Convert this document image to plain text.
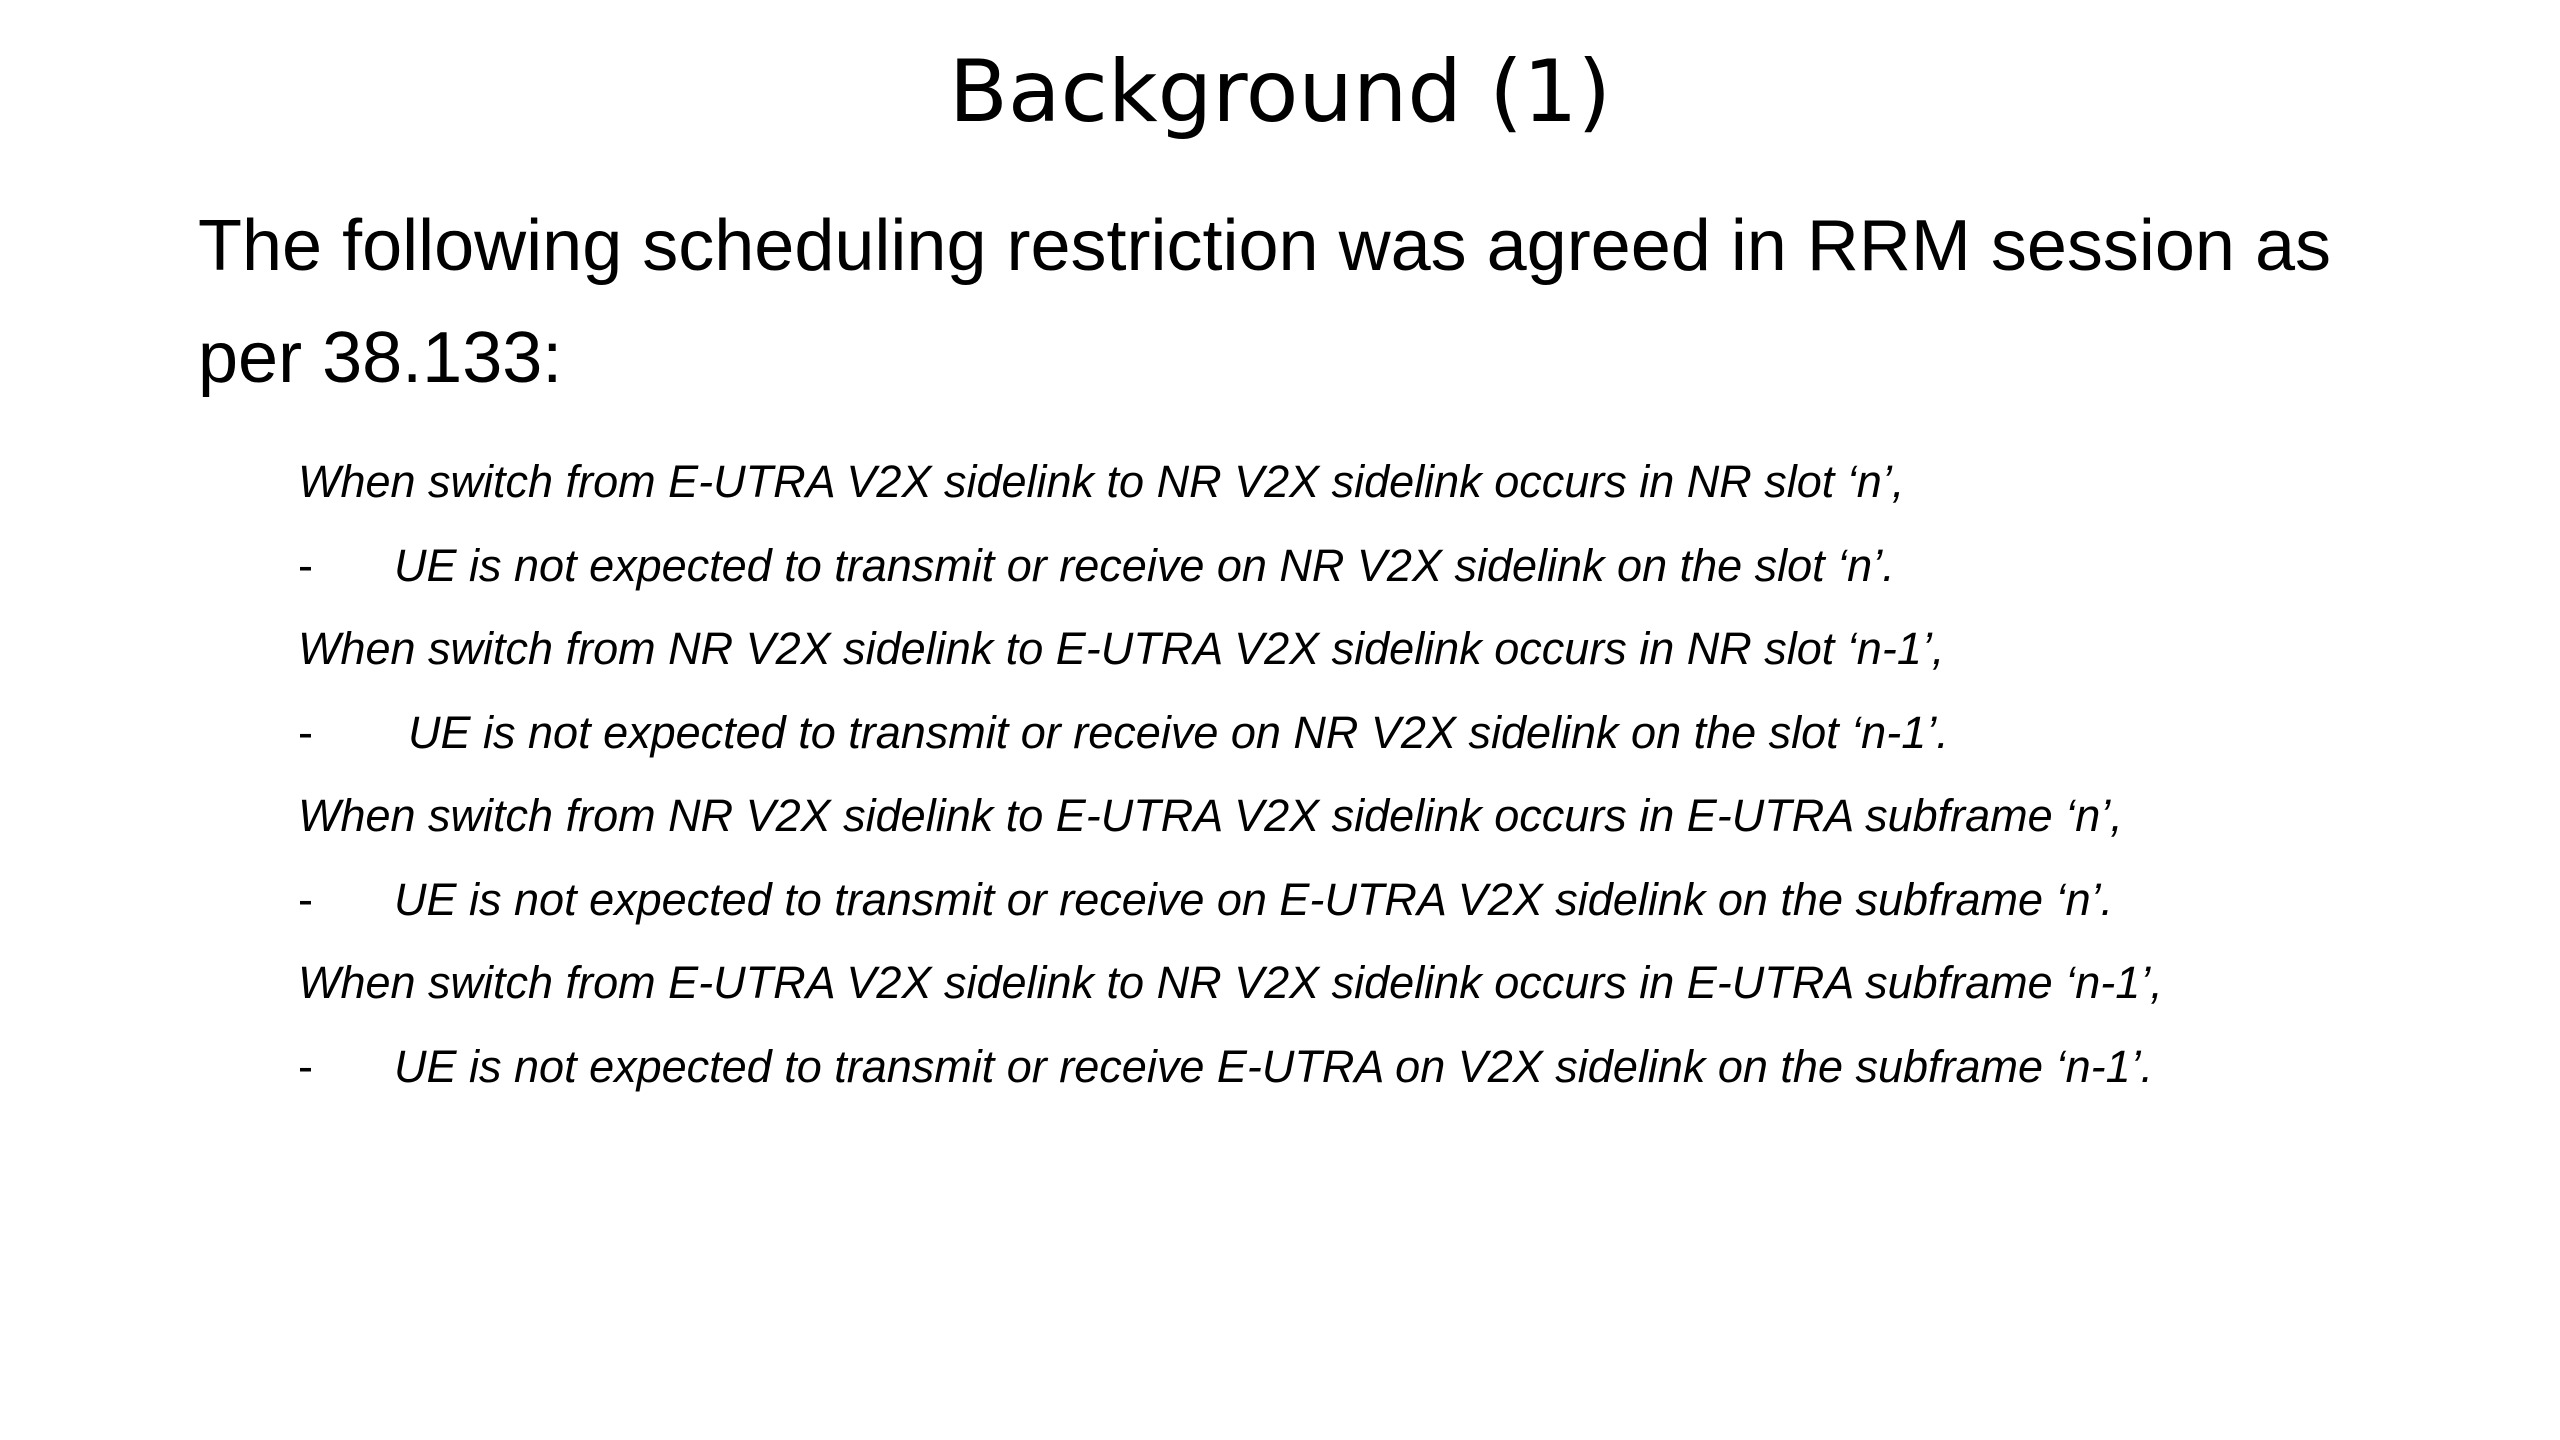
Background (1)
The following scheduling restriction was agreed in RRM session as per 38.133:
When switch from E-UTRA V2X sidelink to NR V2X sidelink occurs in NR slot ‘n’,
-	UE is not expected to transmit or receive on NR V2X sidelink on the slot ‘n’.
When switch from NR V2X sidelink to E-UTRA V2X sidelink occurs in NR slot ‘n-1’,
-	UE is not expected to transmit or receive on NR V2X sidelink on the slot ‘n-1’.
When switch from NR V2X sidelink to E-UTRA V2X sidelink occurs in E-UTRA subframe ‘n’,
-	UE is not expected to transmit or receive on E-UTRA V2X sidelink on the subframe ‘n’.
When switch from E-UTRA V2X sidelink to NR V2X sidelink occurs in E-UTRA subframe ‘n-1’,
-	UE is not expected to transmit or receive E-UTRA on V2X sidelink on the subframe ‘n-1’.
